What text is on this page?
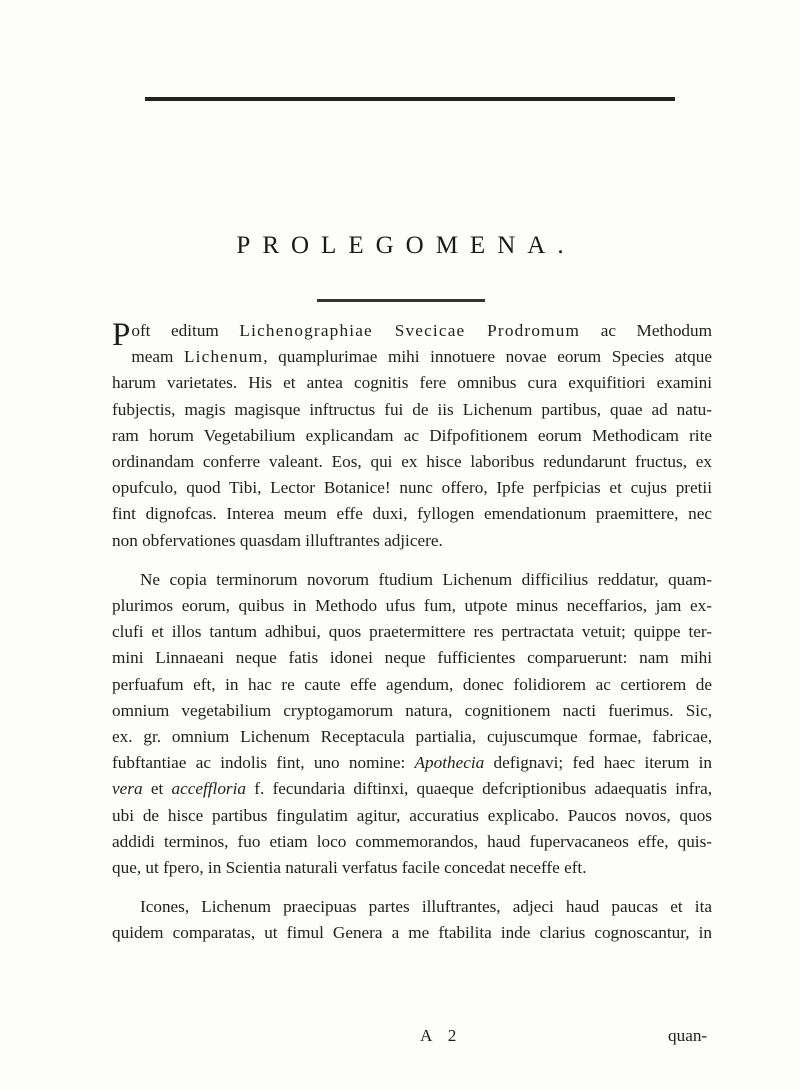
PROLEGOMENA.
P oft editum Lichenographiae Svecicae Prodromum ac Methodum
meam Lichenum, quamplurimae mihi innotuere novae eorum Species atque
harum varietates. His et antea cognitis fere omnibus cura exquifitiori examini
fubjectis, magis magisque inftructus fui de iis Lichenum partibus, quae ad natu-
ram horum Vegetabilium explicandam ac Difpofitionem eorum Methodicam rite
ordinandam conferre valeant. Eos, qui ex hisce laboribus redundarunt fructus, ex
opufculo, quod Tibi, Lector Botanice! nunc offero, Ipfe perfpicias et cujus pretii
fint dignofcas. Interea meum effe duxi, fyllogen emendationum praemittere, nec
non obfervationes quasdam illuftrantes adjicere.
Ne copia terminorum novorum ftudium Lichenum difficilius reddatur, quam-
plurimos eorum, quibus in Methodo ufus fum, utpote minus neceffarios, jam ex-
clufi et illos tantum adhibui, quos praetermittere res pertractata vetuit; quippe ter-
mini Linnaeani neque fatis idonei neque fufficientes comparuerunt: nam mihi
perfuafum eft, in hac re caute effe agendum, donec folidiorem ac certiorem de
omnium vegetabilium cryptogamorum natura, cognitionem nacti fuerimus. Sic,
ex. gr. omnium Lichenum Receptacula partialia, cujuscumque formae, fabricae,
fubftantiae ac indolis fint, uno nomine: Apothecia defignavi; fed haec iterum in
vera et acceffloria f. fecundaria diftinxi, quaeque defcriptionibus adaequatis infra,
ubi de hisce partibus fingulatim agitur, accuratius explicabo. Paucos novos, quos
addidi terminos, fuo etiam loco commemorandos, haud fupervacaneos effe, quis-
que, ut fpero, in Scientia naturali verfatus facile concedat neceffe eft.
Icones, Lichenum praecipuas partes illuftrantes, adjeci haud paucas et ita
quidem comparatas, ut fimul Genera a me ftabilita inde clarius cognoscantur, in
A 2	quan-
